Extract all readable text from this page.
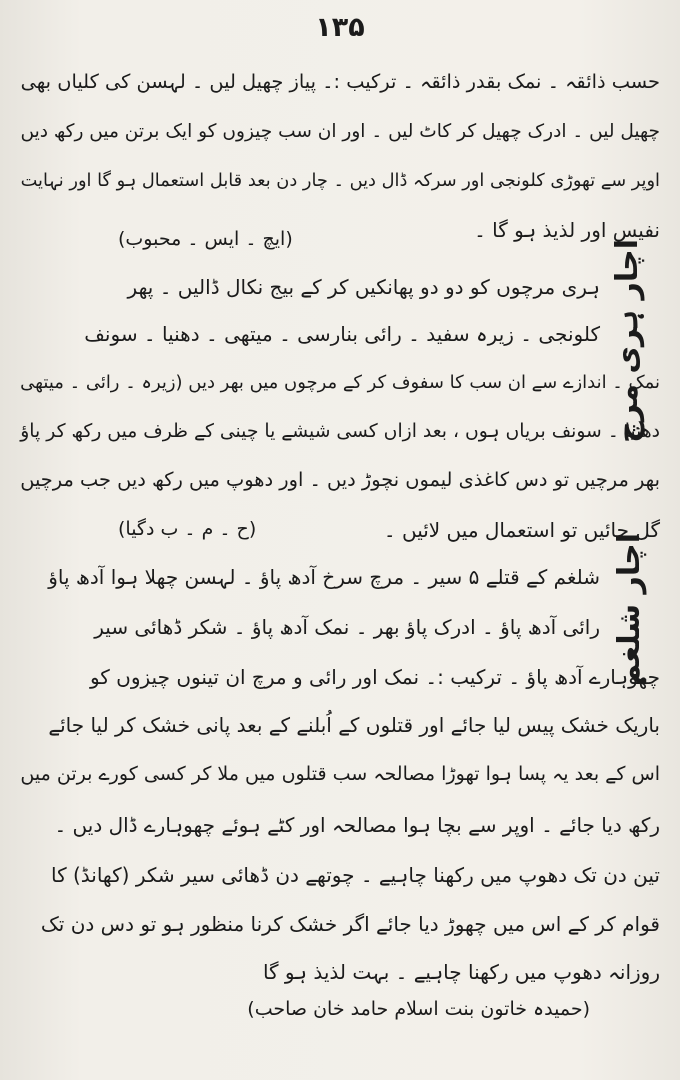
۱۳۵
حسب ذائقہ ۔ نمک بقدر ذائقہ ۔ ترکیب :۔ پیاز چھیل لیں ۔ لہسن کی کلیاں بھی
چھیل لیں ۔ ادرک چھیل کر کاٹ لیں ۔ اور ان سب چیزوں کو ایک برتن میں رکھ دیں
اوپر سے تھوڑی کلونجی اور سرکہ ڈال دیں ۔ چار دن بعد قابل استعمال ہو گا اور نہایت
نفیس اور لذیذ ہو گا ۔
(ایچ ۔ ایس ۔ محبوب)	اچار ہری مرچ
ہری مرچوں کو دو دو پھانکیں کر کے بیج نکال ڈالیں ۔ پھر
کلونجی ۔ زیرہ سفید ۔ رائی بنارسی ۔ میتھی ۔ دھنیا ۔ سونف
نمک ۔ اندازے سے ان سب کا سفوف کر کے مرچوں میں بھر دیں (زیرہ ۔ رائی ۔ میتھی
دھنیا ۔ سونف بریاں ہوں ، بعد ازاں کسی شیشے یا چینی کے ظرف میں رکھ کر پاؤ
بھر مرچیں تو دس کاغذی لیموں نچوڑ دیں ۔ اور دھوپ میں رکھ دیں جب مرچیں
گل جائیں تو استعمال میں لائیں ۔
(ح ۔ م ۔ ب دگیا)
اچار شلغم
شلغم کے قتلے ۵ سیر ۔ مرچ سرخ آدھ پاؤ ۔ لہسن چھلا ہوا آدھ پاؤ
رائی آدھ پاؤ ۔ ادرک پاؤ بھر ۔ نمک آدھ پاؤ ۔ شکر ڈھائی سیر
چھوہارے آدھ پاؤ ۔ ترکیب :۔ نمک اور رائی و مرچ ان تینوں چیزوں کو
باریک خشک پیس لیا جائے اور قتلوں کے اُبلنے کے بعد پانی خشک کر لیا جائے
اس کے بعد یہ پسا ہوا تھوڑا مصالحہ سب قتلوں میں ملا کر کسی کورے برتن میں
رکھ دیا جائے ۔ اوپر سے بچا ہوا مصالحہ اور کٹے ہوئے چھوہارے ڈال دیں ۔
تین دن تک دھوپ میں رکھنا چاہیے ۔ چوتھے دن ڈھائی سیر شکر (کھانڈ) کا
قوام کر کے اس میں چھوڑ دیا جائے اگر خشک کرنا منظور ہو تو دس دن تک
روزانہ دھوپ میں رکھنا چاہیے ۔ بہت لذیذ ہو گا
(حمیدہ خاتون بنت اسلام حامد خان صاحب)
